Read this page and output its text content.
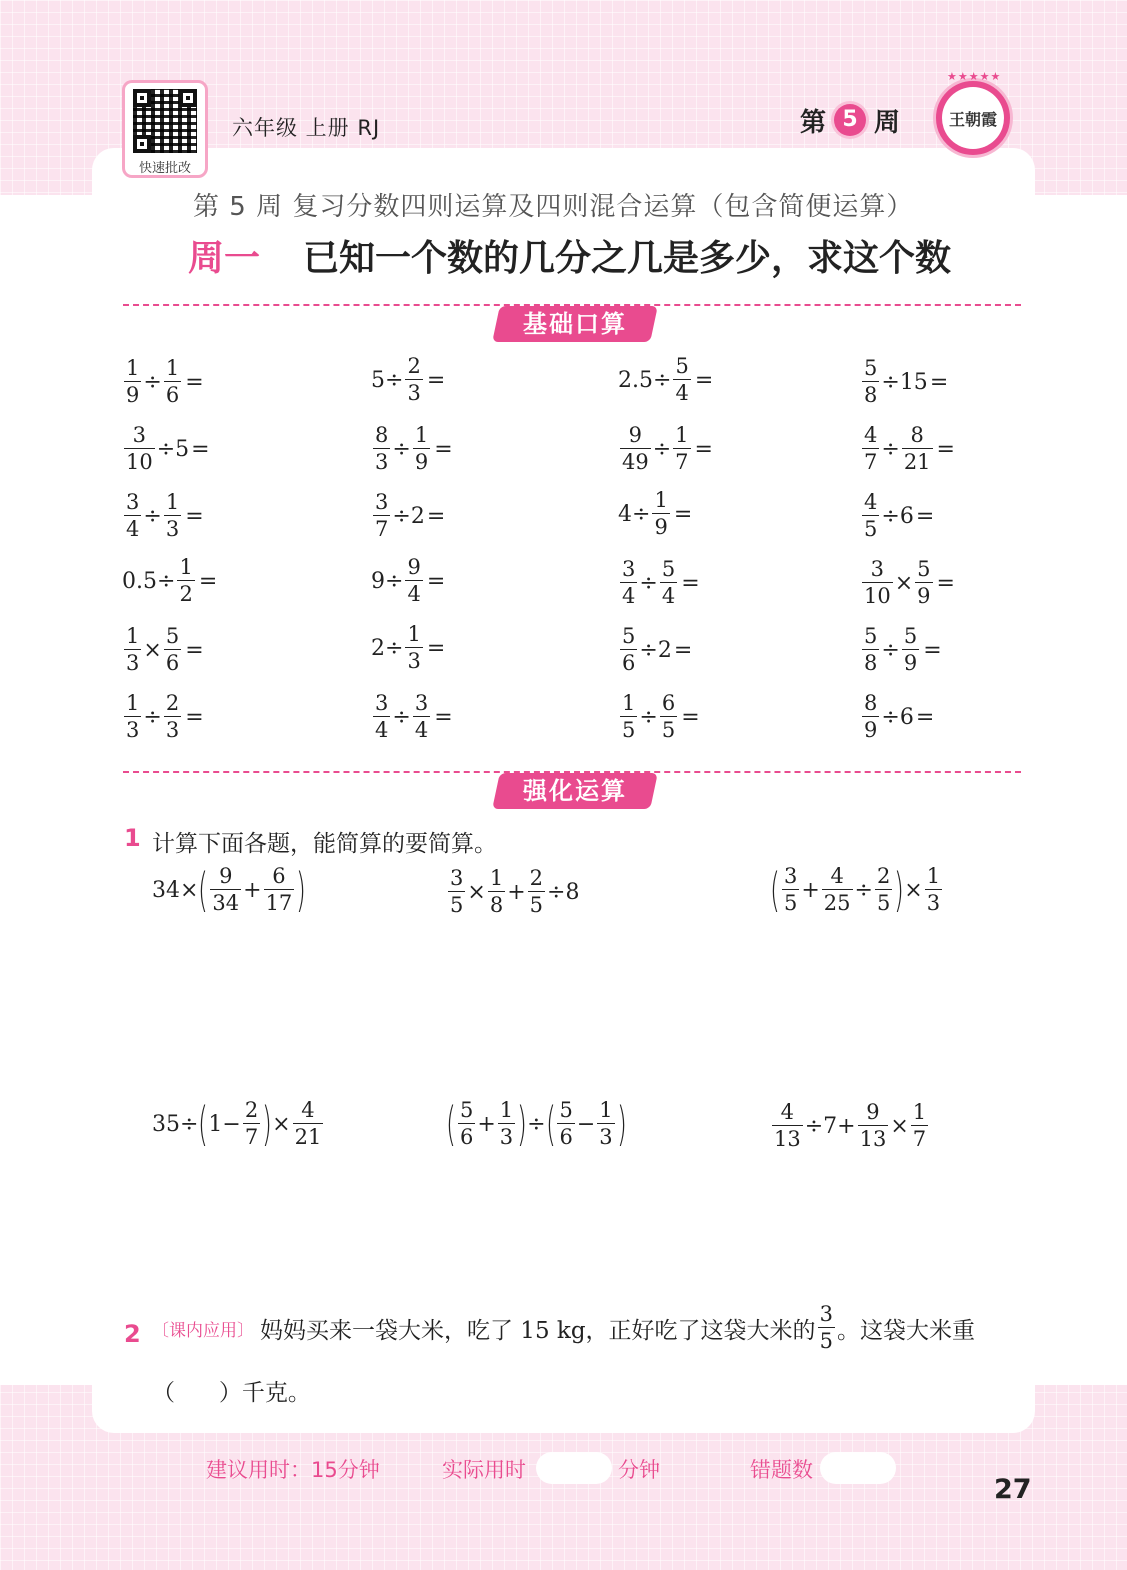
快速批改
六年级 上册 RJ	第 5 周
★★★★★
王朝霞
第 5 周 复习分数四则运算及四则混合运算（包含简便运算）
周一 已知一个数的几分之几是多少，求这个数
基础口算
$\frac{1}{9} \div \frac{1}{6}$ =	$5 \div \frac{2}{3}$ =	$2.5 \div \frac{5}{4}$ =	$\frac{5}{8} \div 15$ =
$\frac{3}{10} \div 5$ =	$\frac{8}{3} \div \frac{1}{9}$ =	$\frac{9}{49} \div \frac{1}{7}$ =	$\frac{4}{7} \div \frac{8}{21}$ =
$\frac{3}{4} \div \frac{1}{3}$ =	$\frac{3}{7} \div 2$ =	$4 \div \frac{1}{9}$ =	$\frac{4}{5} \div 6$ =
$0.5 \div \frac{1}{2}$ =	$9 \div \frac{9}{4}$ =	$\frac{3}{4} \div \frac{5}{4}$ =	$\frac{3}{10} \times \frac{5}{9}$ =
$\frac{1}{3} \times \frac{5}{6}$ =	$2 \div \frac{1}{3}$ =	$\frac{5}{6} \div 2$ =	$\frac{5}{8} \div \frac{5}{9}$ =
$\frac{1}{3} \div \frac{2}{3}$ =	$\frac{3}{4} \div \frac{3}{4}$ =	$\frac{1}{5} \div \frac{6}{5}$ =	$\frac{8}{9} \div 6$ =
强化运算
1 计算下面各题，能简算的要简算。
34 × ( $\frac{9}{34} + \frac{6}{17}$ )	$\frac{3}{5} \times \frac{1}{8} + \frac{2}{5} \div 8$	( $\frac{3}{5} + \frac{4}{25} \div \frac{2}{5}$ ) × $\frac{1}{3}$
35 ÷ ( $1 - \frac{2}{7}$ ) × $\frac{4}{21}$	( $\frac{5}{6} + \frac{1}{3}$ ) ÷ ( $\frac{5}{6} - \frac{1}{3}$ )	$\frac{4}{13} \div 7 + \frac{9}{13} \times \frac{1}{7}$
2 〔课内应用〕 妈妈买来一袋大米，吃了 15 kg，正好吃了这袋大米的 $\frac{3}{5}$ 。这袋大米重
（      ）千克。
建议用时：15分钟	实际用时	分钟	错题数
27
